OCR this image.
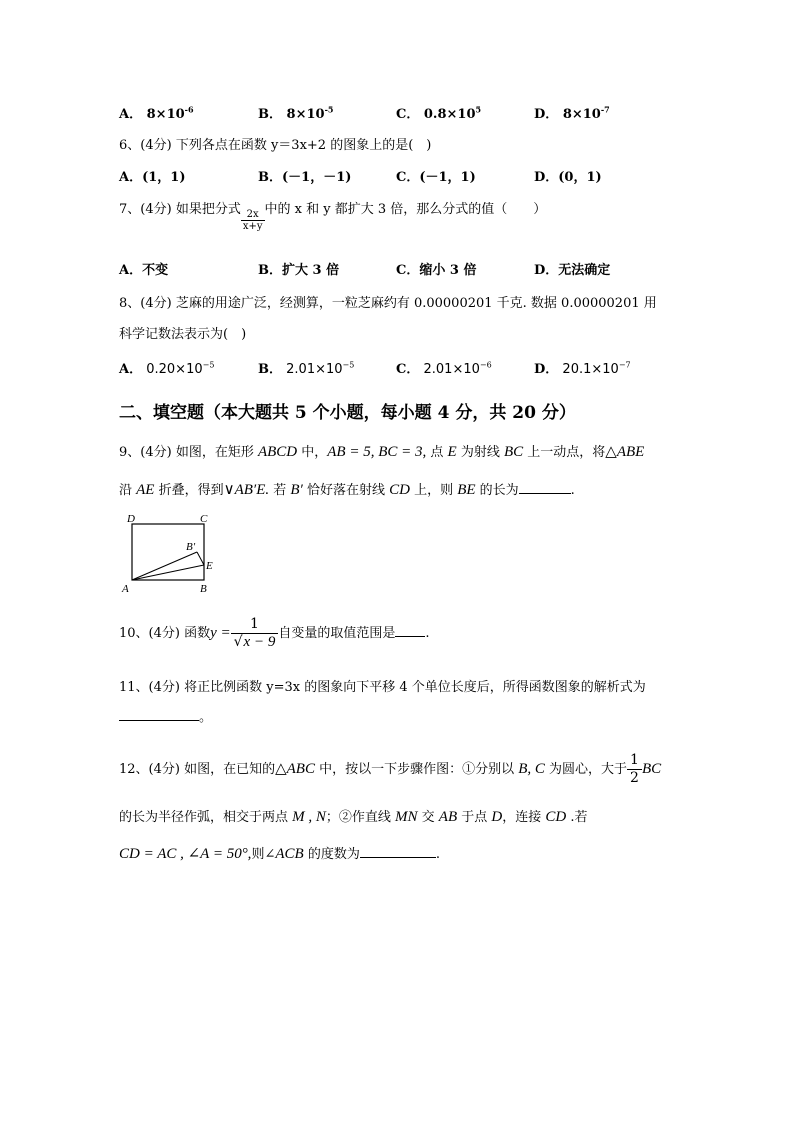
A． $8\times 10^{-6}$	B． $8\times 10^{-5}$	C． $0.8\times 10^5$	D． $8\times 10^{-7}$
6、(4分) 下列各点在函数 y＝3x+2 的图象上的是(　)
A．(1，1)	B．(－1，－1)	C．(－1，1)	D．(0，1)
7、(4分) 如果把分式 $\frac{2x}{x+y}$ 中的 x 和 y 都扩大 3 倍，那么分式的值（　　）
A．不变	B．扩大 3 倍	C．缩小 3 倍	D．无法确定
8、(4分) 芝麻的用途广泛，经测算，一粒芝麻约有 0.00000201 千克. 数据 0.00000201 用
科学记数法表示为(　)
A． $0.20\times 10^{-5}$	B． $2.01\times 10^{-5}$	C． $2.01\times 10^{-6}$	D． $20.1\times 10^{-7}$
二、填空题（本大题共 5 个小题，每小题 4 分，共 20 分）
9、(4分) 如图，在矩形 ABCD 中，AB = 5, BC = 3, 点 E 为射线 BC 上一动点，将△ABE
沿 AE 折叠，得到∨AB′E. 若 B′ 恰好落在射线 CD 上，则 BE 的长为	.
D	C
B′
E
A	B
10、(4分) 函数$y = \frac{1}{√x - 9}$ 自变量的取值范围是 .
11、(4分) 将正比例函数 y=3x 的图象向下平移 4 个单位长度后，所得函数图象的解析式为
。
12、(4分) 如图，在已知的△ABC 中，按以一下步骤作图：①分别以 B, C 为圆心，大于 $\frac{1}{2}$ BC
的长为半径作弧，相交于两点 M , N；②作直线 MN 交 AB 于点 D，连接 CD .若
CD = AC , ∠A = 50°,则∠ACB 的度数为	.
